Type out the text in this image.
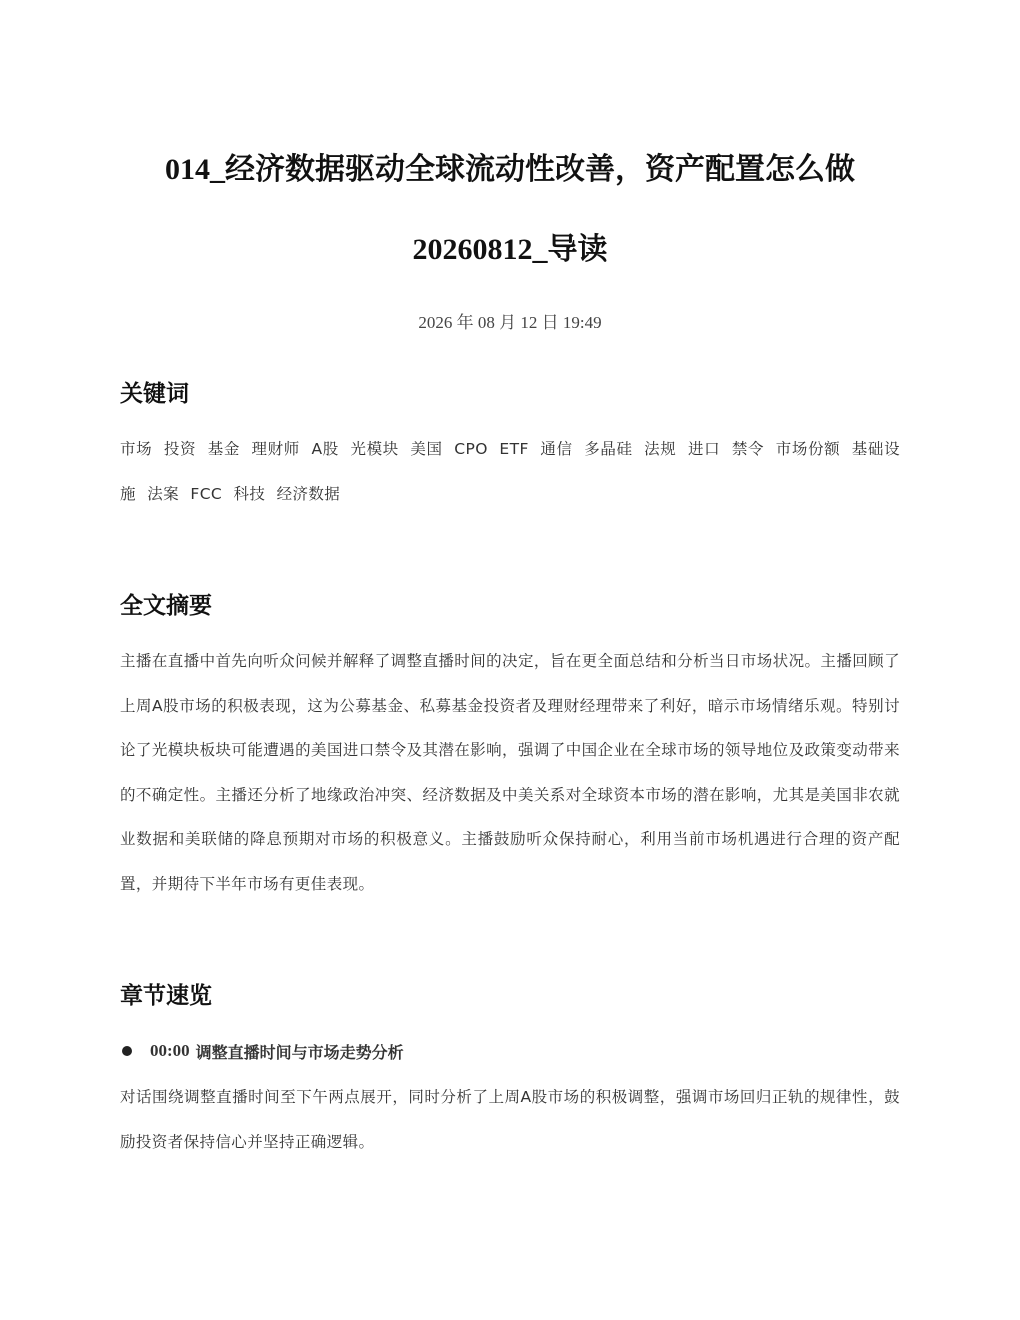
014_经济数据驱动全球流动性改善，资产配置怎么做
20260812_导读
2026 年 08 月 12 日 19:49
关键词
市场 投资 基金 理财师 A股 光模块 美国 CPO ETF 通信 多晶硅 法规 进口 禁令 市场份额 基础设施 法案 FCC 科技 经济数据
全文摘要
主播在直播中首先向听众问候并解释了调整直播时间的决定，旨在更全面总结和分析当日市场状况。主播回顾了上周A股市场的积极表现，这为公募基金、私募基金投资者及理财经理带来了利好，暗示市场情绪乐观。特别讨论了光模块板块可能遭遇的美国进口禁令及其潜在影响，强调了中国企业在全球市场的领导地位及政策变动带来的不确定性。主播还分析了地缘政治冲突、经济数据及中美关系对全球资本市场的潜在影响，尤其是美国非农就业数据和美联储的降息预期对市场的积极意义。主播鼓励听众保持耐心，利用当前市场机遇进行合理的资产配置，并期待下半年市场有更佳表现。
章节速览
00:00 调整直播时间与市场走势分析
对话围绕调整直播时间至下午两点展开，同时分析了上周A股市场的积极调整，强调市场回归正轨的规律性，鼓励投资者保持信心并坚持正确逻辑。
